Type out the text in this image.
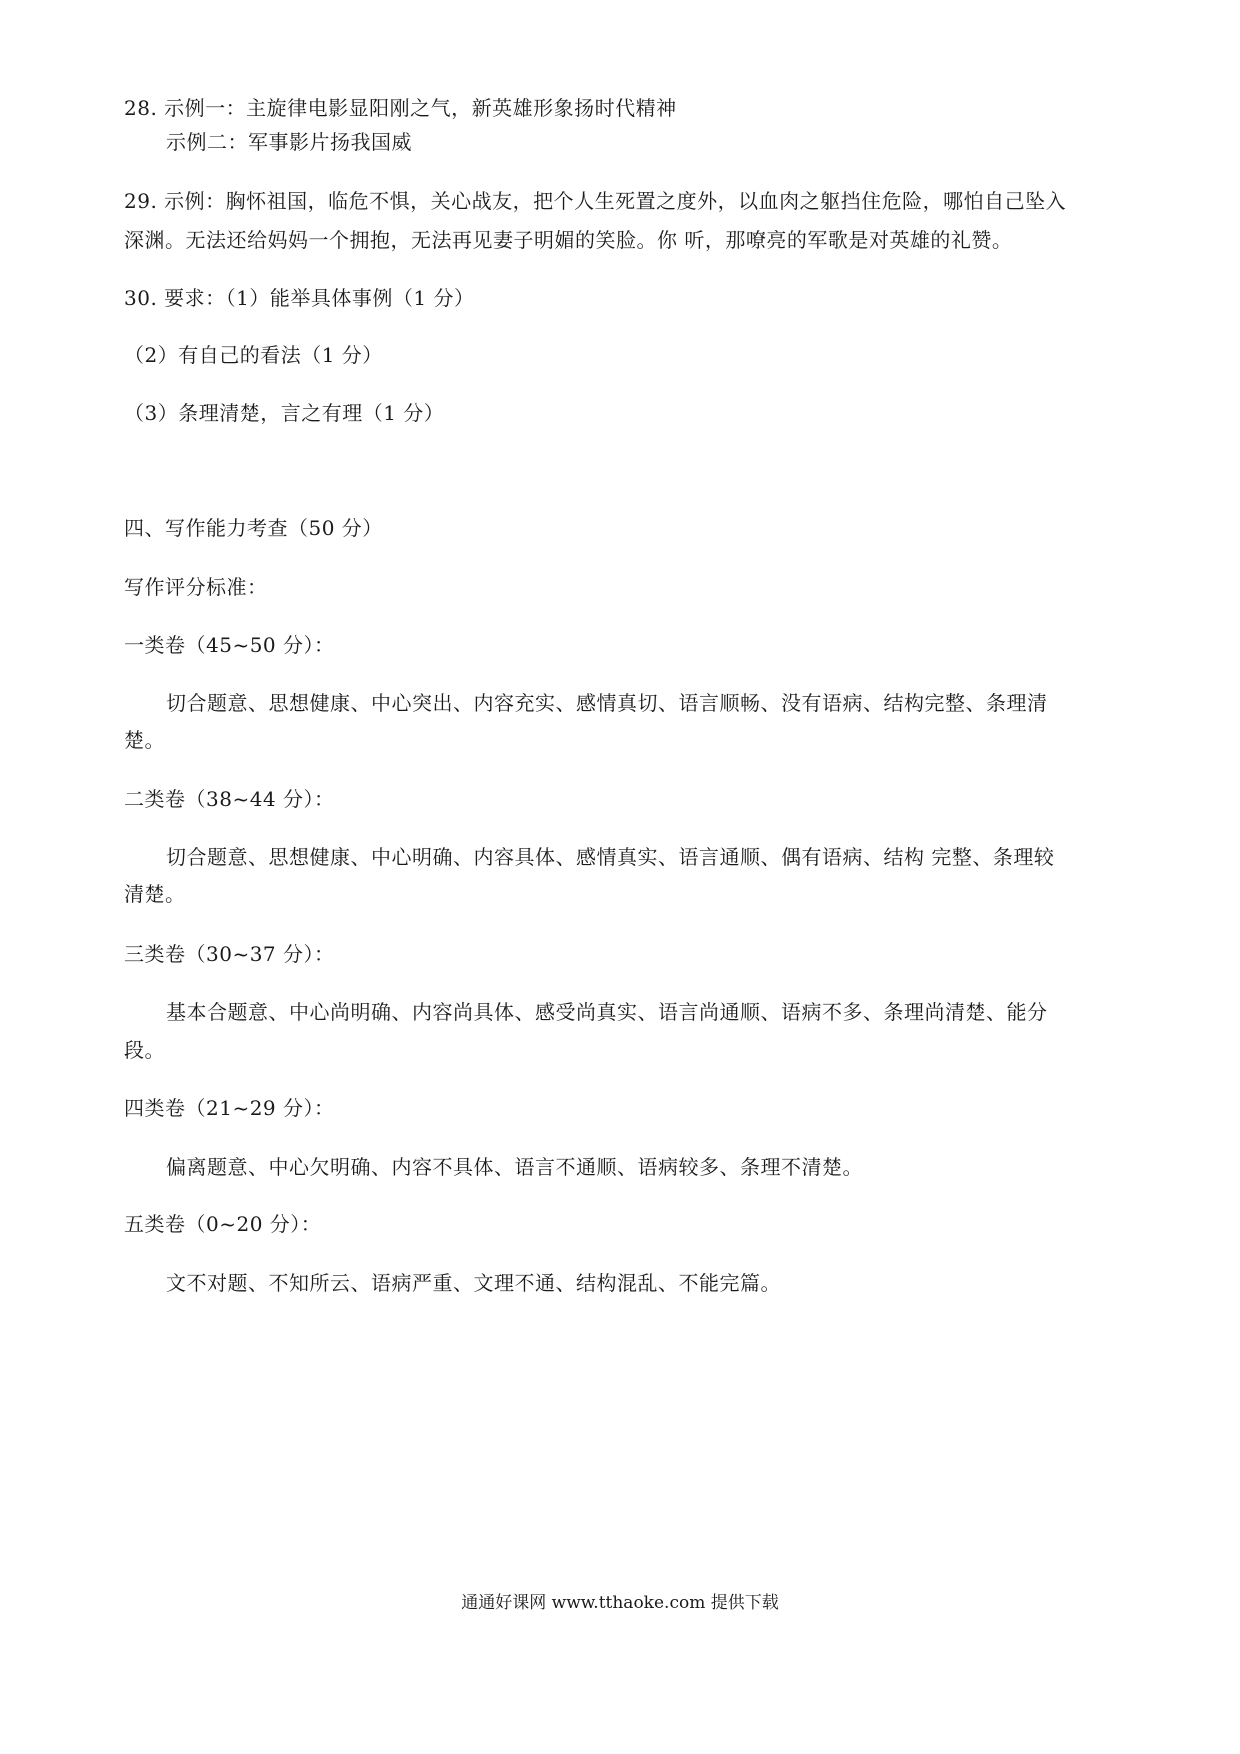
28. 示例一：主旋律电影显阳刚之气，新英雄形象扬时代精神
示例二：军事影片扬我国威
29. 示例：胸怀祖国，临危不惧，关心战友，把个人生死置之度外，以血肉之躯挡住危险，哪怕自己坠入
深渊。无法还给妈妈一个拥抱，无法再见妻子明媚的笑脸。你 听，那嘹亮的军歌是对英雄的礼赞。
30. 要求：（1）能举具体事例（1 分）
（2）有自己的看法（1 分）
（3）条理清楚，言之有理（1 分）
四、写作能力考查（50 分）
写作评分标准：
一类卷（45~50 分）：
切合题意、思想健康、中心突出、内容充实、感情真切、语言顺畅、没有语病、结构完整、条理清
楚。
二类卷（38~44 分）：
切合题意、思想健康、中心明确、内容具体、感情真实、语言通顺、偶有语病、结构 完整、条理较
清楚。
三类卷（30~37 分）：
基本合题意、中心尚明确、内容尚具体、感受尚真实、语言尚通顺、语病不多、条理尚清楚、能分
段。
四类卷（21~29 分）：
偏离题意、中心欠明确、内容不具体、语言不通顺、语病较多、条理不清楚。
五类卷（0~20 分）：
文不对题、不知所云、语病严重、文理不通、结构混乱、不能完篇。
通通好课网 www.tthaoke.com 提供下载
